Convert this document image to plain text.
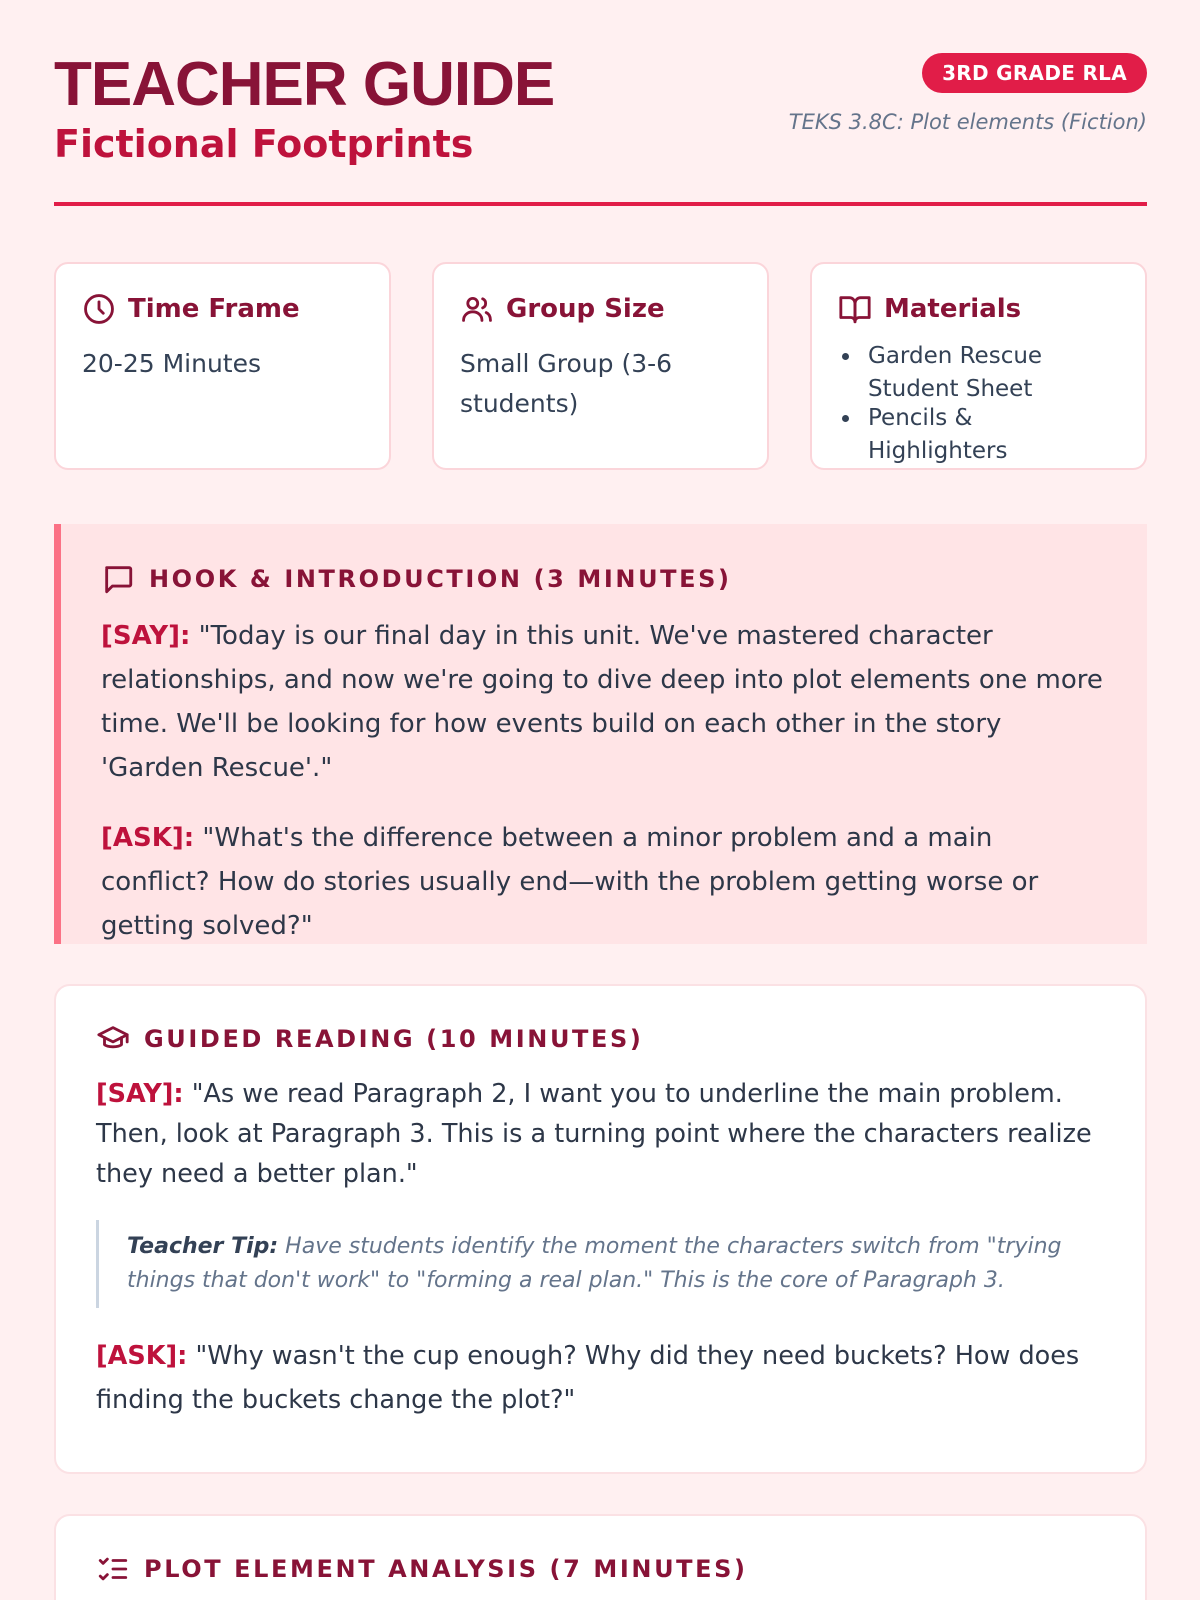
TEACHER GUIDE
Fictional Footprints
3RD GRADE RLA
TEKS 3.8C: Plot elements (Fiction)
Time Frame
20-25 Minutes
Group Size
Small Group (3-6 students)
Materials
Garden Rescue Student Sheet
Pencils & Highlighters
HOOK & INTRODUCTION (3 MINUTES)

[SAY]: "Today is our final day in this unit. We've mastered character relationships, and now we're going to dive deep into plot elements one more time. We'll be looking for how events build on each other in the story 'Garden Rescue'."

[ASK]: "What's the difference between a minor problem and a main conflict? How do stories usually end—with the problem getting worse or getting solved?"

GUIDED READING (10 MINUTES)

[SAY]: "As we read Paragraph 2, I want you to underline the main problem. Then, look at Paragraph 3. This is a turning point where the characters realize they need a better plan."

Teacher Tip: Have students identify the moment the characters switch from "trying things that don't work" to "forming a real plan." This is the core of Paragraph 3.

[ASK]: "Why wasn't the cup enough? Why did they need buckets? How does finding the buckets change the plot?"

PLOT ELEMENT ANALYSIS (7 MINUTES)
